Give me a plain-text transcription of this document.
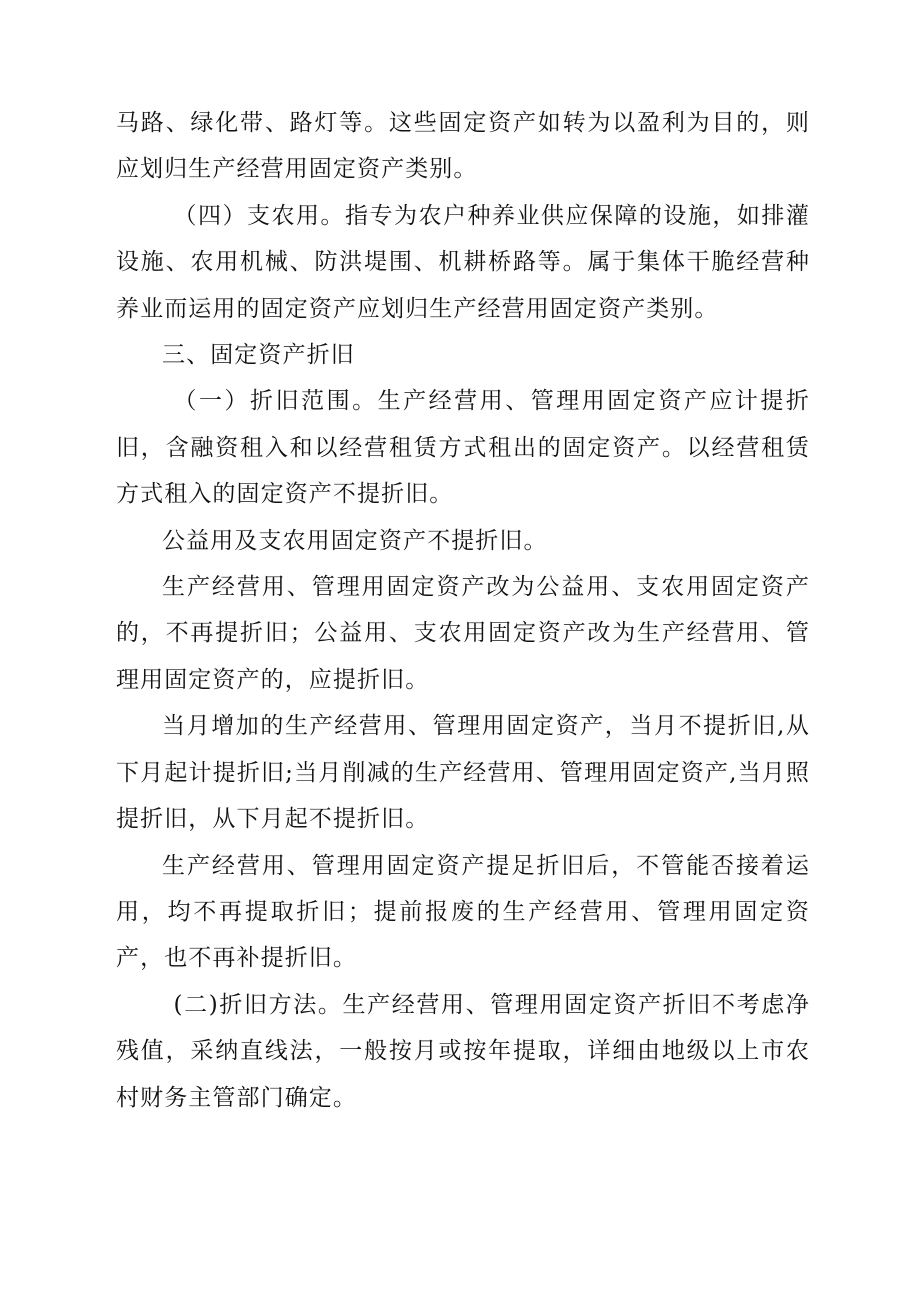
马路、绿化带、路灯等。这些固定资产如转为以盈利为目的，则应划归生产经营用固定资产类别。

（四）支农用。指专为农户种养业供应保障的设施，如排灌设施、农用机械、防洪堤围、机耕桥路等。属于集体干脆经营种养业而运用的固定资产应划归生产经营用固定资产类别。

三、固定资产折旧

（一）折旧范围。生产经营用、管理用固定资产应计提折旧，含融资租入和以经营租赁方式租出的固定资产。以经营租赁方式租入的固定资产不提折旧。

公益用及支农用固定资产不提折旧。

生产经营用、管理用固定资产改为公益用、支农用固定资产的，不再提折旧；公益用、支农用固定资产改为生产经营用、管理用固定资产的，应提折旧。

当月增加的生产经营用、管理用固定资产，当月不提折旧,从下月起计提折旧;当月削减的生产经营用、管理用固定资产,当月照提折旧，从下月起不提折旧。

生产经营用、管理用固定资产提足折旧后，不管能否接着运用，均不再提取折旧；提前报废的生产经营用、管理用固定资产，也不再补提折旧。

(二)折旧方法。生产经营用、管理用固定资产折旧不考虑净残值，采纳直线法，一般按月或按年提取，详细由地级以上市农村财务主管部门确定。
